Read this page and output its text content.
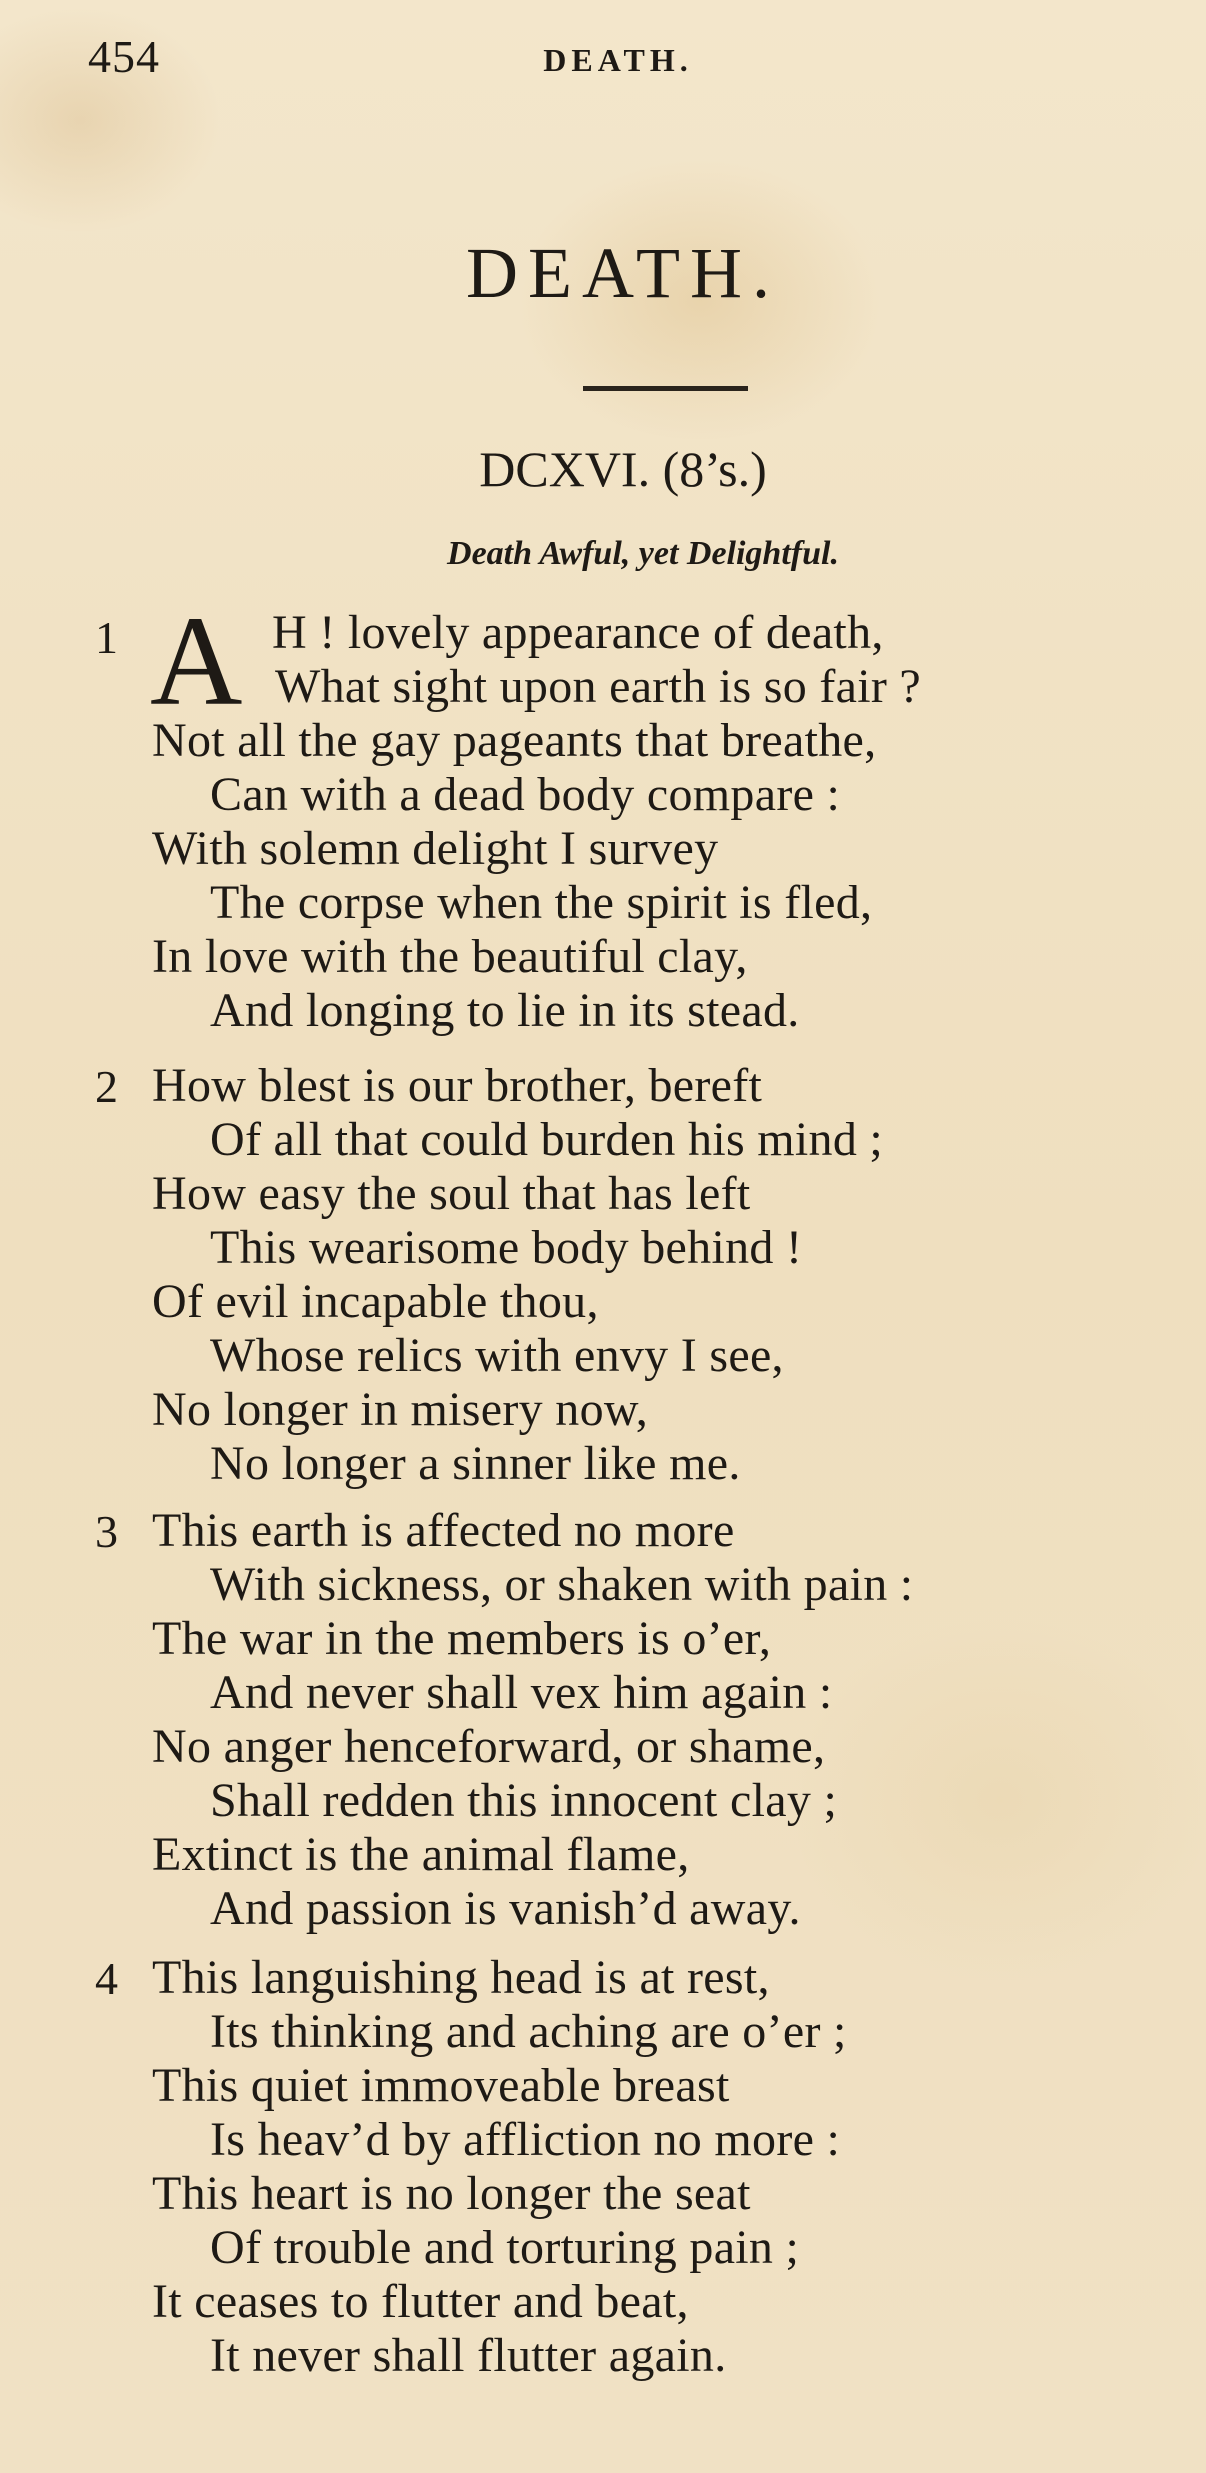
454	DEATH.
DEATH.
DCXVI. (8’s.)
Death Awful, yet Delightful.
1 A H ! lovely appearance of death,
What sight upon earth is so fair ?
Not all the gay pageants that breathe,
Can with a dead body compare :
With solemn delight I survey
The corpse when the spirit is fled,
In love with the beautiful clay,
And longing to lie in its stead.
2 How blest is our brother, bereft
Of all that could burden his mind ;
How easy the soul that has left
This wearisome body behind !
Of evil incapable thou,
Whose relics with envy I see,
No longer in misery now,
No longer a sinner like me.
3 This earth is affected no more
With sickness, or shaken with pain :
The war in the members is o’er,
And never shall vex him again :
No anger henceforward, or shame,
Shall redden this innocent clay ;
Extinct is the animal flame,
And passion is vanish’d away.
4 This languishing head is at rest,
Its thinking and aching are o’er ;
This quiet immoveable breast
Is heav’d by affliction no more :
This heart is no longer the seat
Of trouble and torturing pain ;
It ceases to flutter and beat,
It never shall flutter again.
